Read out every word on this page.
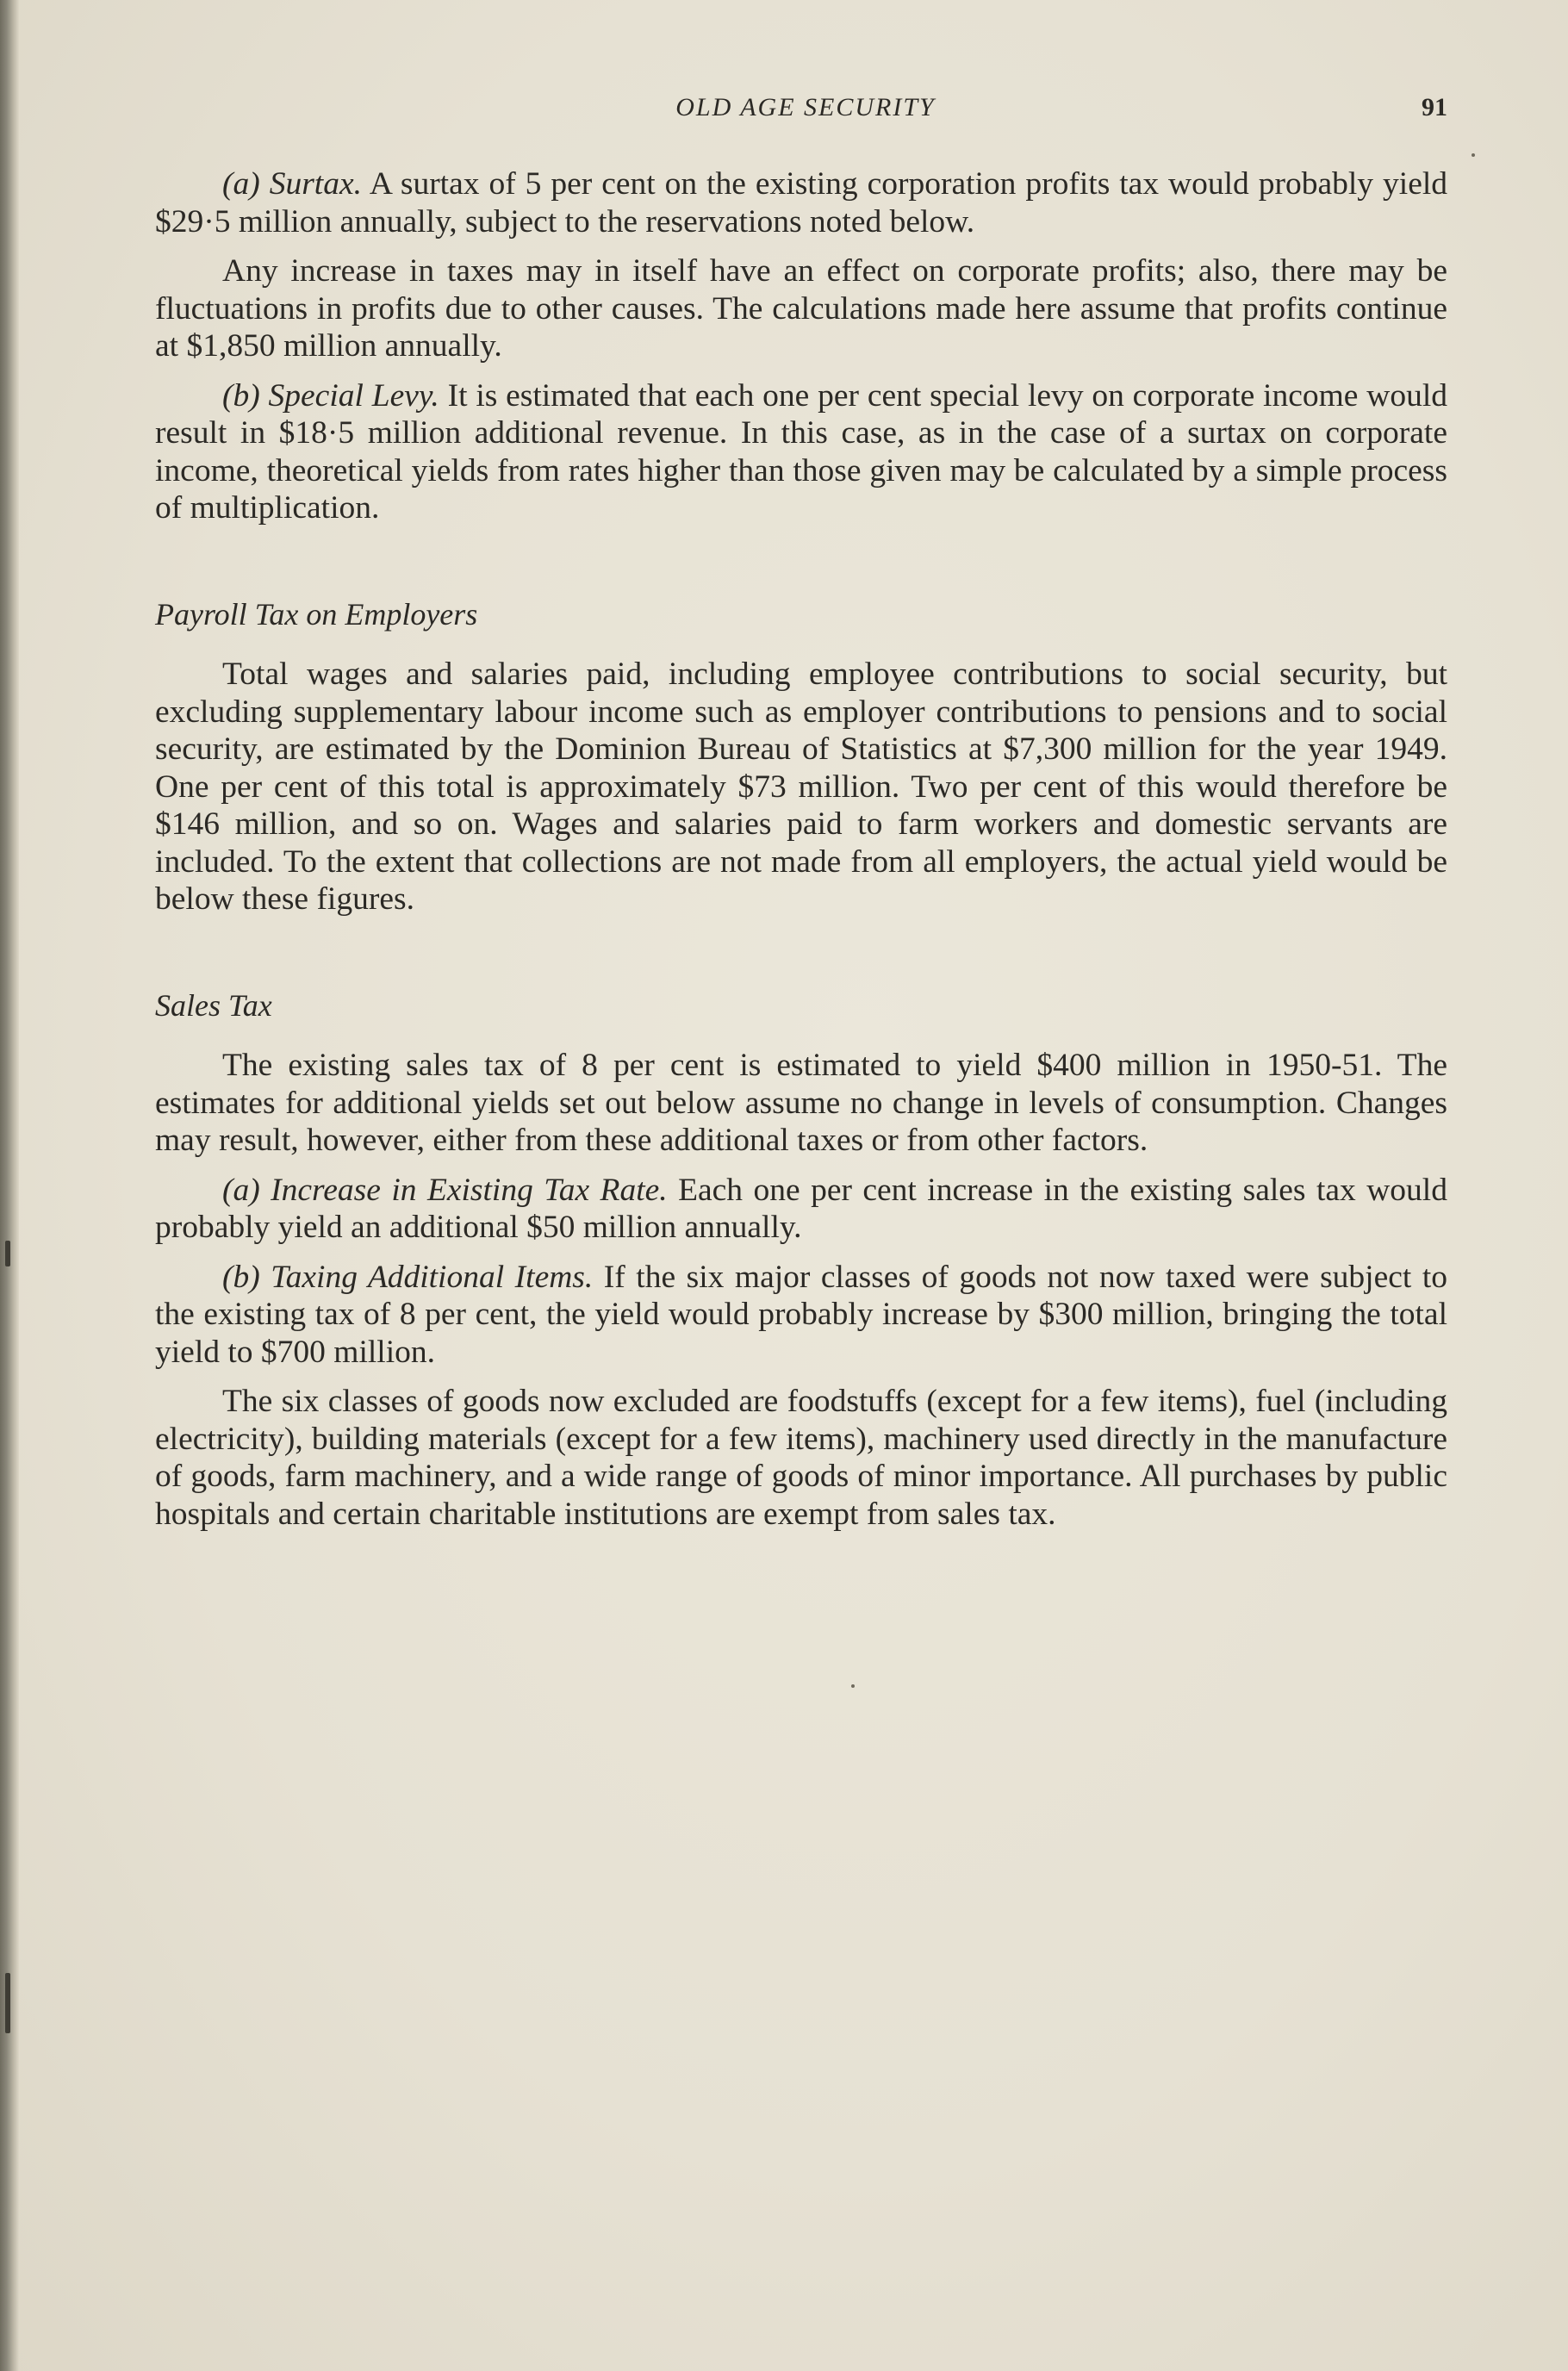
OLD AGE SECURITY	91

(a) Surtax. A surtax of 5 per cent on the existing corporation profits tax would probably yield $29·5 million annually, subject to the reservations noted below.

Any increase in taxes may in itself have an effect on corporate profits; also, there may be fluctuations in profits due to other causes. The calculations made here assume that profits continue at $1,850 million annually.

(b) Special Levy. It is estimated that each one per cent special levy on corporate income would result in $18·5 million additional revenue. In this case, as in the case of a surtax on corporate income, theoretical yields from rates higher than those given may be calculated by a simple process of multiplication.

Payroll Tax on Employers

Total wages and salaries paid, including employee contributions to social security, but excluding supplementary labour income such as employer contributions to pensions and to social security, are estimated by the Dominion Bureau of Statistics at $7,300 million for the year 1949. One per cent of this total is approximately $73 million. Two per cent of this would therefore be $146 million, and so on. Wages and salaries paid to farm workers and domestic servants are included. To the extent that collections are not made from all employers, the actual yield would be below these figures.

Sales Tax

The existing sales tax of 8 per cent is estimated to yield $400 million in 1950-51. The estimates for additional yields set out below assume no change in levels of consumption. Changes may result, however, either from these additional taxes or from other factors.

(a) Increase in Existing Tax Rate. Each one per cent increase in the existing sales tax would probably yield an additional $50 million annually.

(b) Taxing Additional Items. If the six major classes of goods not now taxed were subject to the existing tax of 8 per cent, the yield would probably increase by $300 million, bringing the total yield to $700 million.

The six classes of goods now excluded are foodstuffs (except for a few items), fuel (including electricity), building materials (except for a few items), machinery used directly in the manufacture of goods, farm machinery, and a wide range of goods of minor importance. All purchases by public hospitals and certain charitable institutions are exempt from sales tax.
